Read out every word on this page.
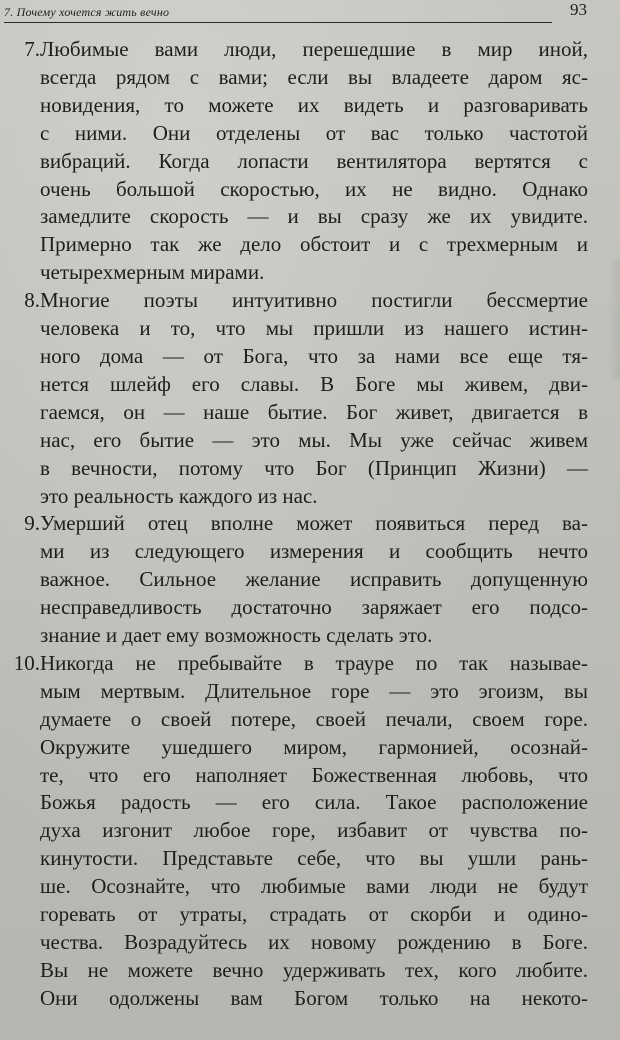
7. Почему хочется жить вечно	93
7. Любимые вами люди, перешедшие в мир иной,
всегда рядом с вами; если вы владеете даром яс-
новидения, то можете их видеть и разговаривать
с ними. Они отделены от вас только частотой
вибраций. Когда лопасти вентилятора вертятся с
очень большой скоростью, их не видно. Однако
замедлите скорость — и вы сразу же их увидите.
Примерно так же дело обстоит и с трехмерным и
четырехмерным мирами.
8. Многие поэты интуитивно постигли бессмертие
человека и то, что мы пришли из нашего истин-
ного дома — от Бога, что за нами все еще тя-
нется шлейф его славы. В Боге мы живем, дви-
гаемся, он — наше бытие. Бог живет, двигается в
нас, его бытие — это мы. Мы уже сейчас живем
в вечности, потому что Бог (Принцип Жизни) —
это реальность каждого из нас.
9. Умерший отец вполне может появиться перед ва-
ми из следующего измерения и сообщить нечто
важное. Сильное желание исправить допущенную
несправедливость достаточно заряжает его подсо-
знание и дает ему возможность сделать это.
10. Никогда не пребывайте в трауре по так называе-
мым мертвым. Длительное горе — это эгоизм, вы
думаете о своей потере, своей печали, своем горе.
Окружите ушедшего миром, гармонией, осознай-
те, что его наполняет Божественная любовь, что
Божья радость — его сила. Такое расположение
духа изгонит любое горе, избавит от чувства по-
кинутости. Представьте себе, что вы ушли рань-
ше. Осознайте, что любимые вами люди не будут
горевать от утраты, страдать от скорби и одино-
чества. Возрадуйтесь их новому рождению в Боге.
Вы не можете вечно удерживать тех, кого любите.
Они одолжены вам Богом только на некото-
